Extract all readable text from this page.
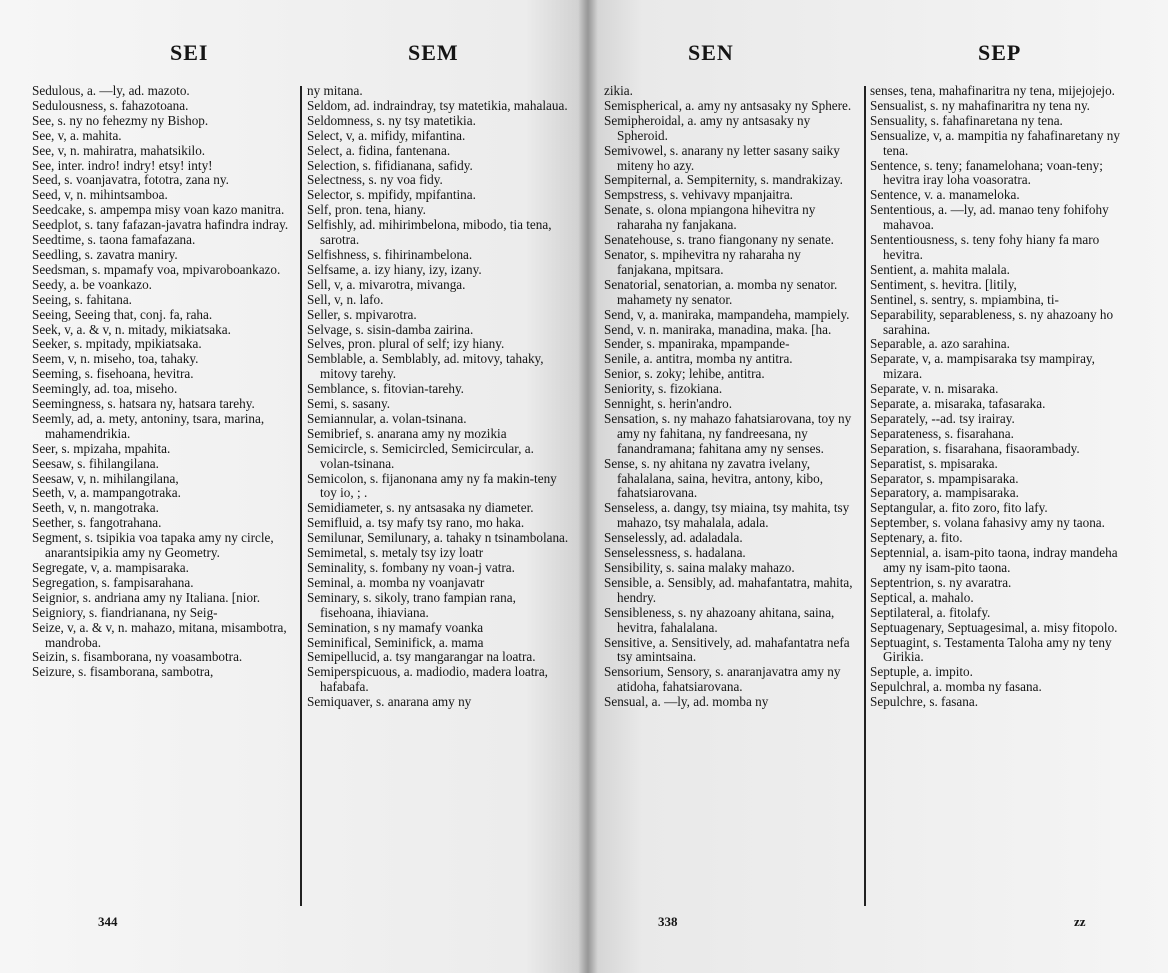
SEI	SEM

Sedulous, a. —ly, ad. mazoto.

Sedulousness, s. fahazotoana.

See, s. ny no fehezmy ny Bishop.

See, v, a. mahita.

See, v, n. mahiratra, mahatsikilo.

See, inter. indro! indry! etsy! inty!

Seed, s. voanjavatra, fototra, zana ny.

Seed, v, n. mihintsamboa.

Seedcake, s. ampempa misy voan kazo manitra.

Seedplot, s. tany fafazan-javatra hafindra indray.

Seedtime, s. taona famafazana.

Seedling, s. zavatra maniry.

Seedsman, s. mpamafy voa, mpivaroboankazo.

Seedy, a. be voankazo.

Seeing, s. fahitana.

Seeing, Seeing that, conj. fa, raha.

Seek, v, a. & v, n. mitady, mikiatsaka.

Seeker, s. mpitady, mpikiatsaka.

Seem, v, n. miseho, toa, tahaky.

Seeming, s. fisehoana, hevitra.

Seemingly, ad. toa, miseho.

Seemingness, s. hatsara ny, hatsara tarehy.

Seemly, ad, a. mety, antoniny, tsara, marina, mahamendrikia.

Seer, s. mpizaha, mpahita.

Seesaw, s. fihilangilana.

Seesaw, v, n. mihilangilana,

Seeth, v, a. mampangotraka.

Seeth, v, n. mangotraka.

Seether, s. fangotrahana.

Segment, s. tsipikia voa tapaka amy ny circle, anarantsipikia amy ny Geometry.

Segregate, v, a. mampisaraka.

Segregation, s. fampisarahana.

Seignior, s. andriana amy ny Italiana. [nior.

Seigniory, s. fiandrianana, ny Seig-

Seize, v, a. & v, n. mahazo, mitana, misambotra, mandroba.

Seizin, s. fisamborana, ny voasambotra.

Seizure, s. fisamborana, sambotra,

ny mitana.

Seldom, ad. indraindray, tsy matetikia, mahalaua.

Seldomness, s. ny tsy matetikia.

Select, v, a. mifidy, mifantina.

Select, a. fidina, fantenana.

Selection, s. fifidianana, safidy.

Selectness, s. ny voa fidy.

Selector, s. mpifidy, mpifantina.

Self, pron. tena, hiany.

Selfishly, ad. mihirimbelona, mibodo, tia tena, sarotra.

Selfishness, s. fihirinambelona.

Selfsame, a. izy hiany, izy, izany.

Sell, v, a. mivarotra, mivanga.

Sell, v, n. lafo.

Seller, s. mpivarotra.

Selvage, s. sisin-damba zairina.

Selves, pron. plural of self; izy hiany.

Semblable, a. Semblably, ad. mitovy, tahaky, mitovy tarehy.

Semblance, s. fitovian-tarehy.

Semi, s. sasany.

Semiannular, a. volan-tsinana.

Semibrief, s. anarana amy ny mozikia

Semicircle, s. Semicircled, Semicircular, a. volan-tsinana.

Semicolon, s. fijanonana amy ny fa makin-teny toy io, ; .

Semidiameter, s. ny antsasaka ny diameter.

Semifluid, a. tsy mafy tsy rano, mo haka.

Semilunar, Semilunary, a. tahaky n tsinambolana.

Semimetal, s. metaly tsy izy loatr

Seminality, s. fombany ny voan-j vatra.

Seminal, a. momba ny voanjavatr

Seminary, s. sikoly, trano fampian rana, fisehoana, ihiaviana.

Semination, s ny mamafy voanka

Seminifical, Seminifick, a. mama

Semipellucid, a. tsy mangarangar na loatra.

Semiperspicuous, a. madiodio, madera loatra, hafabafa.

Semiquaver, s. anarana amy ny

344
SEN	SEP

zikia.

Semispherical, a. amy ny antsasaky ny Sphere.

Semipheroidal, a. amy ny antsasaky ny Spheroid.

Semivowel, s. anarany ny letter sasany saiky miteny ho azy.

Sempiternal, a. Sempiternity, s. mandrakizay.

Sempstress, s. vehivavy mpanjaitra.

Senate, s. olona mpiangona hihevitra ny raharaha ny fanjakana.

Senatehouse, s. trano fiangonany ny senate.

Senator, s. mpihevitra ny raharaha ny fanjakana, mpitsara.

Senatorial, senatorian, a. momba ny senator. mahamety ny senator.

Send, v, a. maniraka, mampandeha, mampiely.

Send, v. n. maniraka, manadina, maka. [ha.

Sender, s. mpaniraka, mpampande-

Senile, a. antitra, momba ny antitra.

Senior, s. zoky; lehibe, antitra.

Seniority, s. fizokiana.

Sennight, s. herin'andro.

Sensation, s. ny mahazo fahatsiarovana, toy ny amy ny fahitana, ny fandreesana, ny fanandramana; fahitana amy ny senses.

Sense, s. ny ahitana ny zavatra ivelany, fahalalana, saina, hevitra, antony, kibo, fahatsiarovana.

Senseless, a. dangy, tsy miaina, tsy mahita, tsy mahazo, tsy mahalala, adala.

Senselessly, ad. adaladala.

Senselessness, s. hadalana.

Sensibility, s. saina malaky mahazo.

Sensible, a. Sensibly, ad. mahafantatra, mahita, hendry.

Sensibleness, s. ny ahazoany ahitana, saina, hevitra, fahalalana.

Sensitive, a. Sensitively, ad. mahafantatra nefa tsy amintsaina.

Sensorium, Sensory, s. anaranjavatra amy ny atidoha, fahatsiarovana.

Sensual, a. —ly, ad. momba ny

senses, tena, mahafinaritra ny tena, mijejojejo.

Sensualist, s. ny mahafinaritra ny tena ny.

Sensuality, s. fahafinaretana ny tena.

Sensualize, v, a. mampitia ny fahafinaretany ny tena.

Sentence, s. teny; fanamelohana; voan-teny; hevitra iray loha voasoratra.

Sentence, v. a. manameloka.

Sententious, a. —ly, ad. manao teny fohifohy mahavoa.

Sententiousness, s. teny fohy hiany fa maro hevitra.

Sentient, a. mahita malala.

Sentiment, s. hevitra. [litily,

Sentinel, s. sentry, s. mpiambina, ti-

Separability, separableness, s. ny ahazoany ho sarahina.

Separable, a. azo sarahina.

Separate, v, a. mampisaraka tsy mampiray, mizara.

Separate, v. n. misaraka.

Separate, a. misaraka, tafasaraka.

Separately, --ad. tsy irairay.

Separateness, s. fisarahana.

Separation, s. fisarahana, fisaorambady.

Separatist, s. mpisaraka.

Separator, s. mpampisaraka.

Separatory, a. mampisaraka.

Septangular, a. fito zoro, fito lafy.

September, s. volana fahasivy amy ny taona.

Septenary, a. fito.

Septennial, a. isam-pito taona, indray mandeha amy ny isam-pito taona.

Septentrion, s. ny avaratra.

Septical, a. mahalo.

Septilateral, a. fitolafy.

Septuagenary, Septuagesimal, a. misy fitopolo.

Septuagint, s. Testamenta Taloha amy ny teny Girikia.

Septuple, a. impito.

Sepulchral, a. momba ny fasana.

Sepulchre, s. fasana.

338	zz
